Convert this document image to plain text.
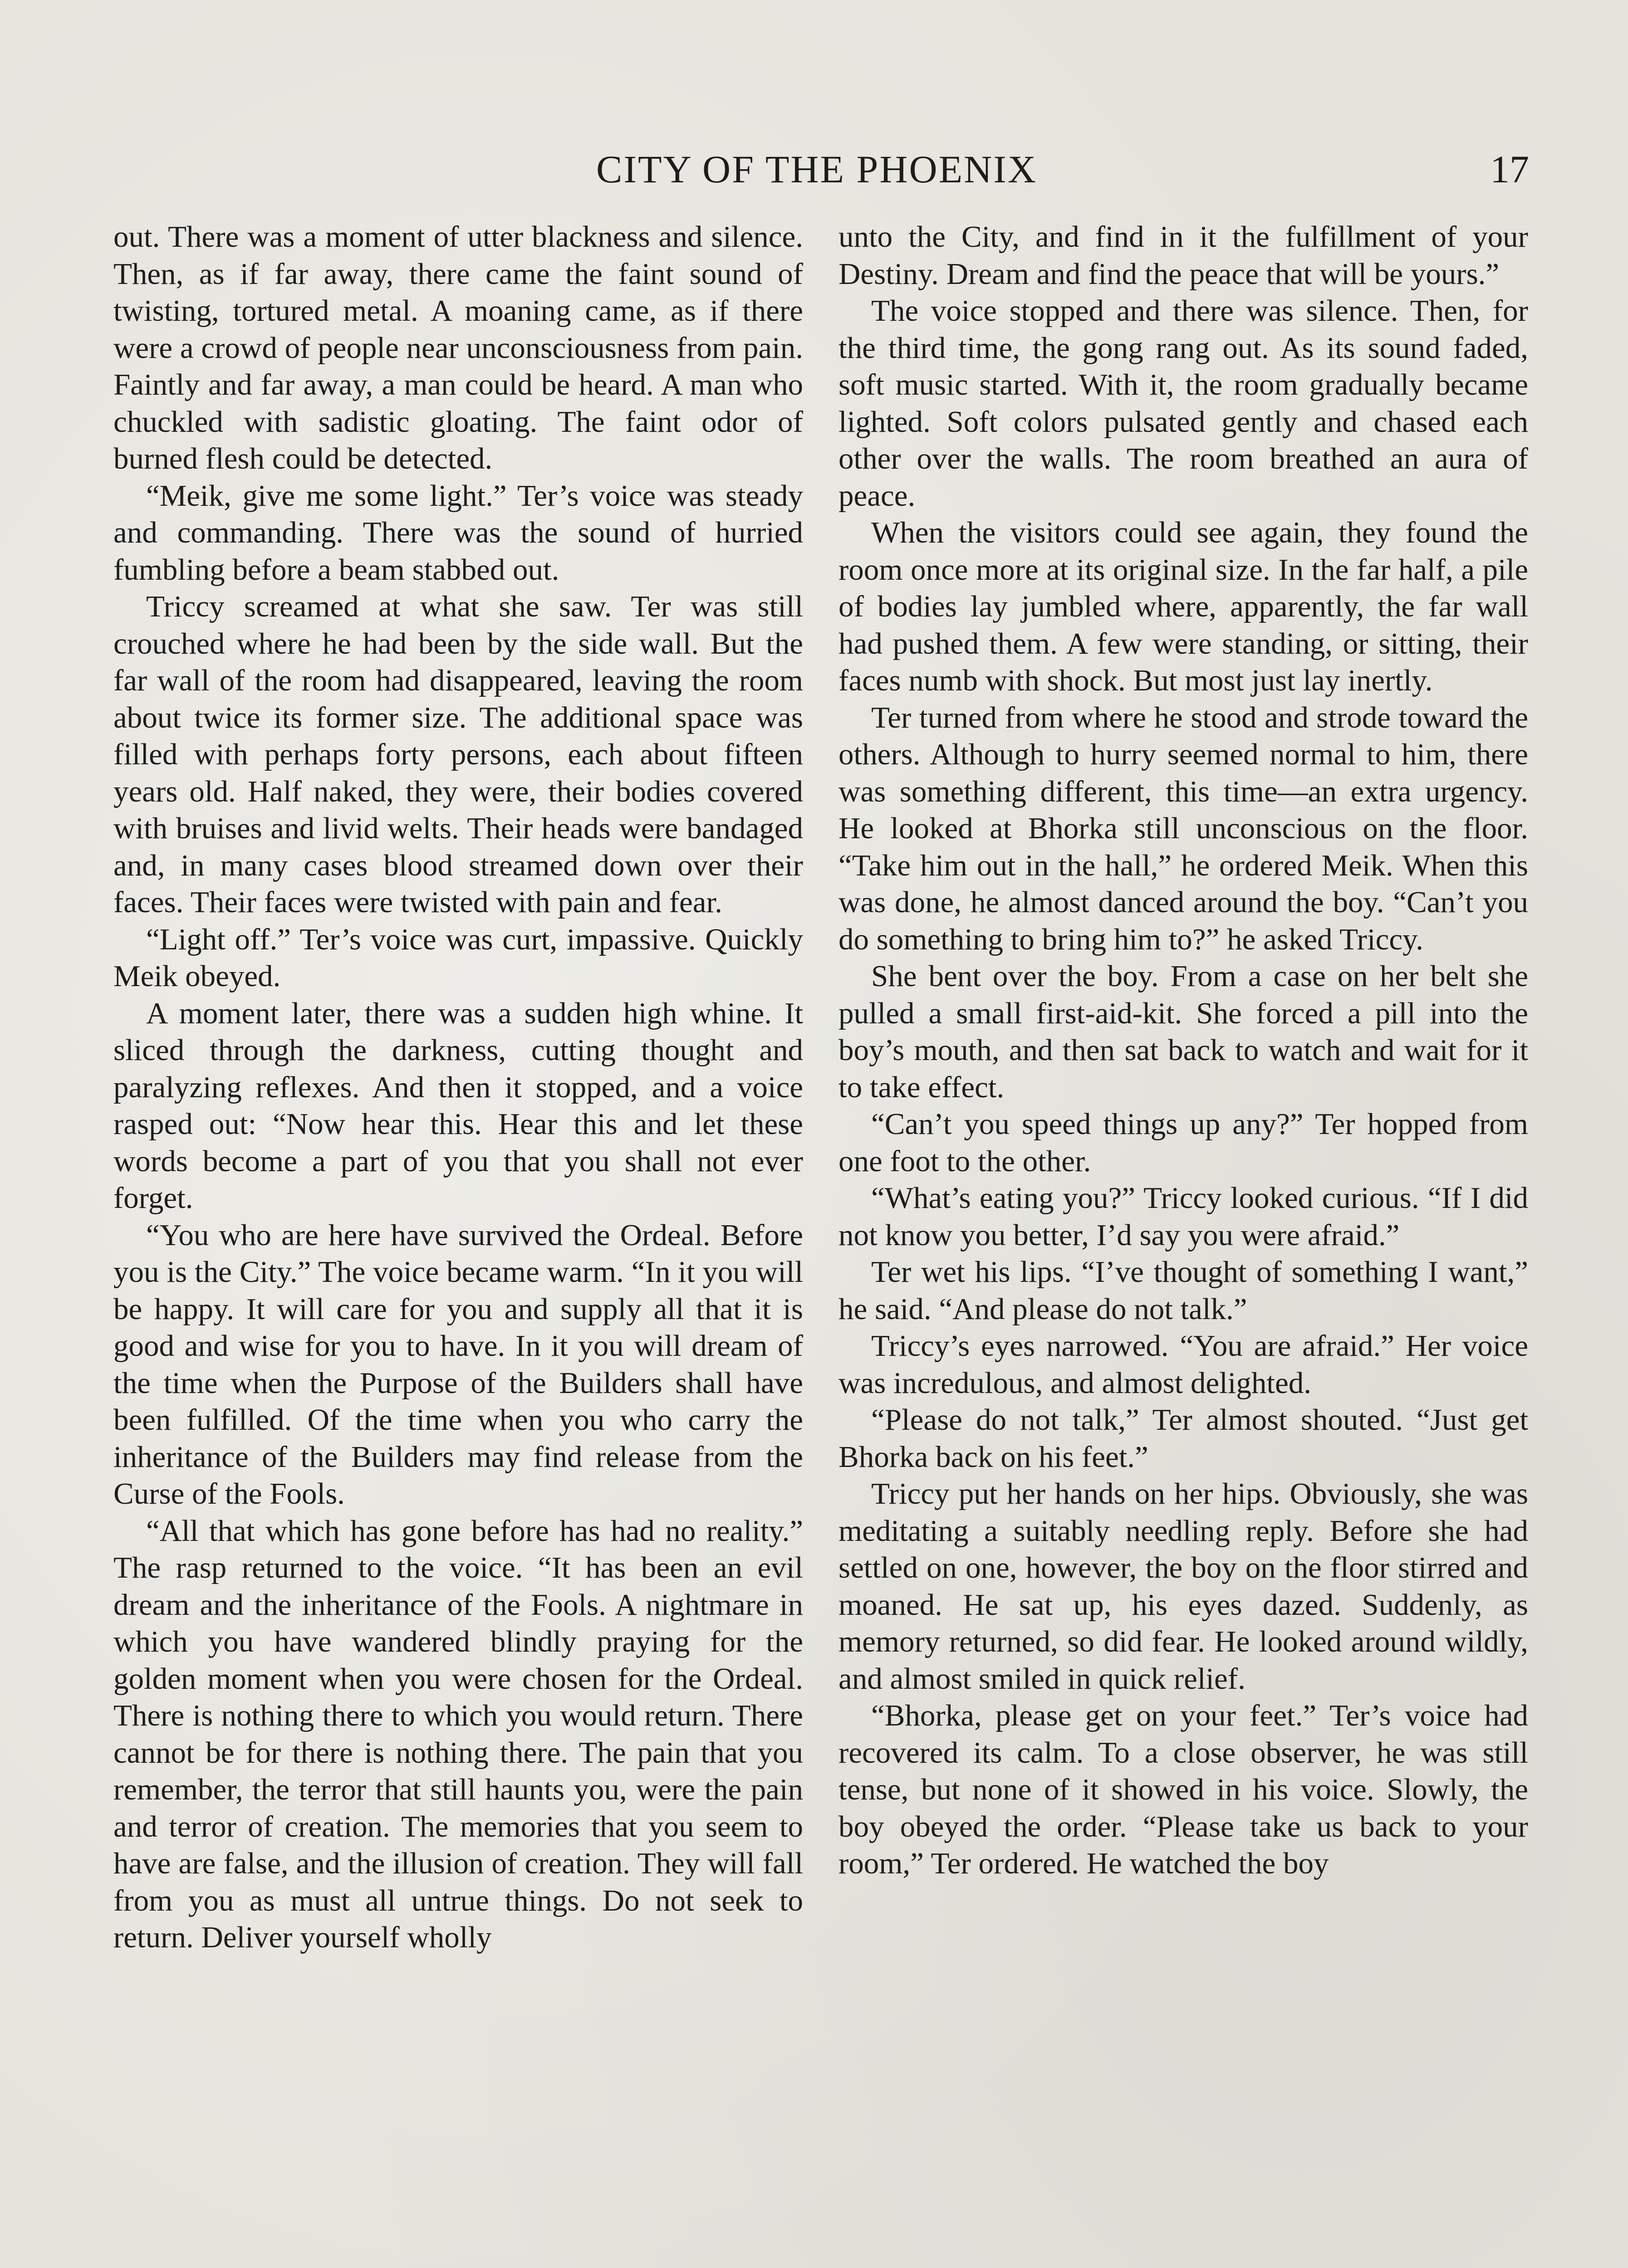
CITY OF THE PHOENIX	17

out. There was a moment of utter blackness and silence. Then, as if far away, there came the faint sound of twisting, tortured metal. A moaning came, as if there were a crowd of people near unconsciousness from pain. Faintly and far away, a man could be heard. A man who chuckled with sadistic gloating. The faint odor of burned flesh could be detected.

“Meik, give me some light.” Ter’s voice was steady and commanding. There was the sound of hurried fumbling before a beam stabbed out.

Triccy screamed at what she saw. Ter was still crouched where he had been by the side wall. But the far wall of the room had disappeared, leaving the room about twice its former size. The additional space was filled with perhaps forty persons, each about fifteen years old. Half naked, they were, their bodies covered with bruises and livid welts. Their heads were bandaged and, in many cases blood streamed down over their faces. Their faces were twisted with pain and fear.

“Light off.” Ter’s voice was curt, impassive. Quickly Meik obeyed.

A moment later, there was a sudden high whine. It sliced through the darkness, cutting thought and paralyzing reflexes. And then it stopped, and a voice rasped out: “Now hear this. Hear this and let these words become a part of you that you shall not ever forget.

“You who are here have survived the Ordeal. Before you is the City.” The voice became warm. “In it you will be happy. It will care for you and supply all that it is good and wise for you to have. In it you will dream of the time when the Purpose of the Builders shall have been fulfilled. Of the time when you who carry the inheritance of the Builders may find release from the Curse of the Fools.

“All that which has gone before has had no reality.” The rasp returned to the voice. “It has been an evil dream and the inheritance of the Fools. A nightmare in which you have wandered blindly praying for the golden moment when you were chosen for the Ordeal. There is nothing there to which you would return. There cannot be for there is nothing there. The pain that you remember, the terror that still haunts you, were the pain and terror of creation. The memories that you seem to have are false, and the illusion of creation. They will fall from you as must all untrue things. Do not seek to return. Deliver yourself wholly

unto the City, and find in it the fulfillment of your Destiny. Dream and find the peace that will be yours.”

The voice stopped and there was silence. Then, for the third time, the gong rang out. As its sound faded, soft music started. With it, the room gradually became lighted. Soft colors pulsated gently and chased each other over the walls. The room breathed an aura of peace.

When the visitors could see again, they found the room once more at its original size. In the far half, a pile of bodies lay jumbled where, apparently, the far wall had pushed them. A few were standing, or sitting, their faces numb with shock. But most just lay inertly.

Ter turned from where he stood and strode toward the others. Although to hurry seemed normal to him, there was something different, this time—an extra urgency. He looked at Bhorka still unconscious on the floor. “Take him out in the hall,” he ordered Meik. When this was done, he almost danced around the boy. “Can’t you do something to bring him to?” he asked Triccy.

She bent over the boy. From a case on her belt she pulled a small first-aid-kit. She forced a pill into the boy’s mouth, and then sat back to watch and wait for it to take effect.

“Can’t you speed things up any?” Ter hopped from one foot to the other.

“What’s eating you?” Triccy looked curious. “If I did not know you better, I’d say you were afraid.”

Ter wet his lips. “I’ve thought of something I want,” he said. “And please do not talk.”

Triccy’s eyes narrowed. “You are afraid.” Her voice was incredulous, and almost delighted.

“Please do not talk,” Ter almost shouted. “Just get Bhorka back on his feet.”

Triccy put her hands on her hips. Obviously, she was meditating a suitably needling reply. Before she had settled on one, however, the boy on the floor stirred and moaned. He sat up, his eyes dazed. Suddenly, as memory returned, so did fear. He looked around wildly, and almost smiled in quick relief.

“Bhorka, please get on your feet.” Ter’s voice had recovered its calm. To a close observer, he was still tense, but none of it showed in his voice. Slowly, the boy obeyed the order. “Please take us back to your room,” Ter ordered. He watched the boy
